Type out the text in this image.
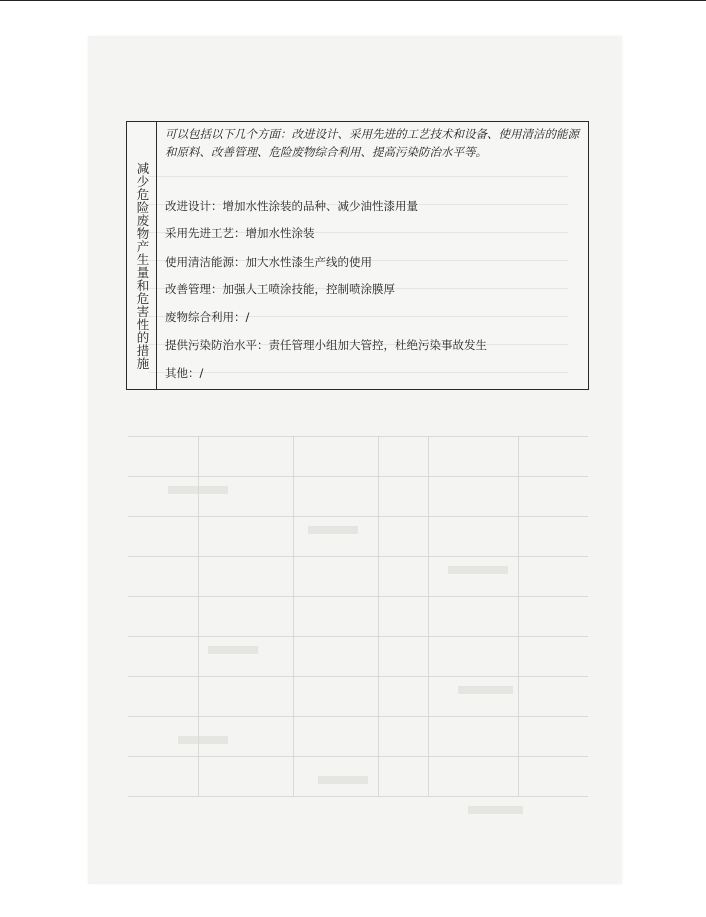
减少危险废物产生量和危害性的措施
可以包括以下几个方面：改进设计、采用先进的工艺技术和设备、使用清洁的能源和原料、改善管理、危险废物综合利用、提高污染防治水平等。
改进设计：增加水性涂装的品种、减少油性漆用量
采用先进工艺：增加水性涂装
使用清洁能源：加大水性漆生产线的使用
改善管理：加强人工喷涂技能，控制喷涂膜厚
废物综合利用：/
提供污染防治水平：责任管理小组加大管控，杜绝污染事故发生
其他：/
